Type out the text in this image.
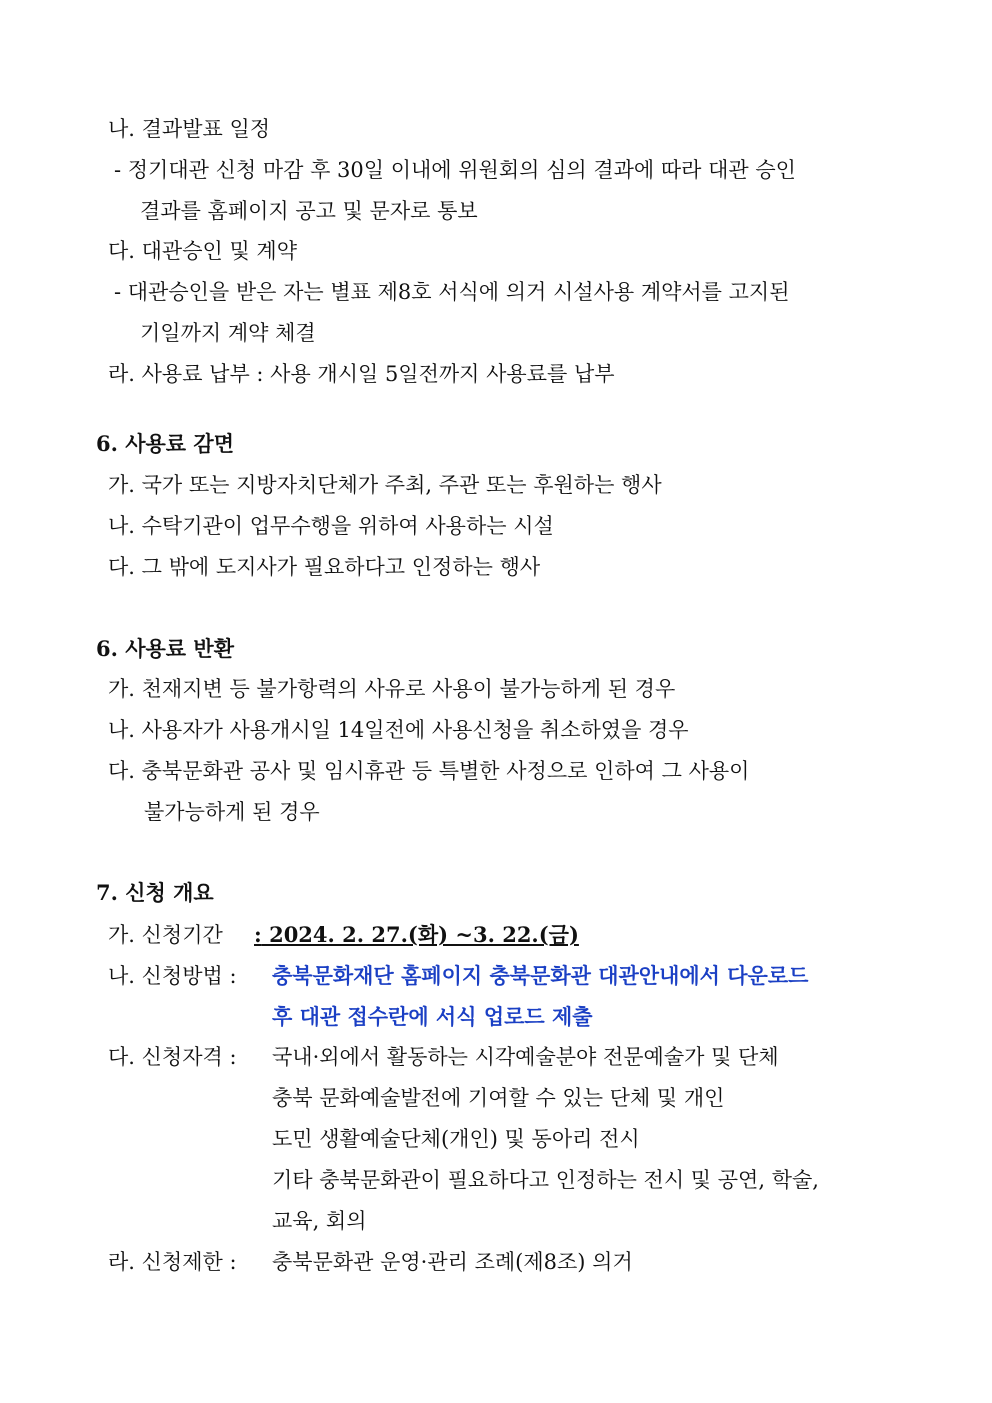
나. 결과발표 일정
- 정기대관 신청 마감 후 30일 이내에 위원회의 심의 결과에 따라 대관 승인
결과를 홈페이지 공고 및 문자로 통보
다. 대관승인 및 계약
- 대관승인을 받은 자는 별표 제8호 서식에 의거 시설사용 계약서를 고지된
기일까지 계약 체결
라. 사용료 납부 : 사용 개시일 5일전까지 사용료를 납부
6. 사용료 감면
가. 국가 또는 지방자치단체가 주최, 주관 또는 후원하는 행사
나. 수탁기관이 업무수행을 위하여 사용하는 시설
다. 그 밖에 도지사가 필요하다고 인정하는 행사
6. 사용료 반환
가. 천재지변 등 불가항력의 사유로 사용이 불가능하게 된 경우
나. 사용자가 사용개시일 14일전에 사용신청을 취소하였을 경우
다. 충북문화관 공사 및 임시휴관 등 특별한 사정으로 인하여 그 사용이
불가능하게 된 경우
7. 신청 개요
가. 신청기간 : 2024. 2. 27.(화) ~3. 22.(금)
나. 신청방법 : 충북문화재단 홈페이지 충북문화관 대관안내에서 다운로드
후 대관 접수란에 서식 업로드 제출
다. 신청자격 : 국내·외에서 활동하는 시각예술분야 전문예술가 및 단체
충북 문화예술발전에 기여할 수 있는 단체 및 개인
도민 생활예술단체(개인) 및 동아리 전시
기타 충북문화관이 필요하다고 인정하는 전시 및 공연, 학술,
교육, 회의
라. 신청제한 : 충북문화관 운영·관리 조례(제8조) 의거
